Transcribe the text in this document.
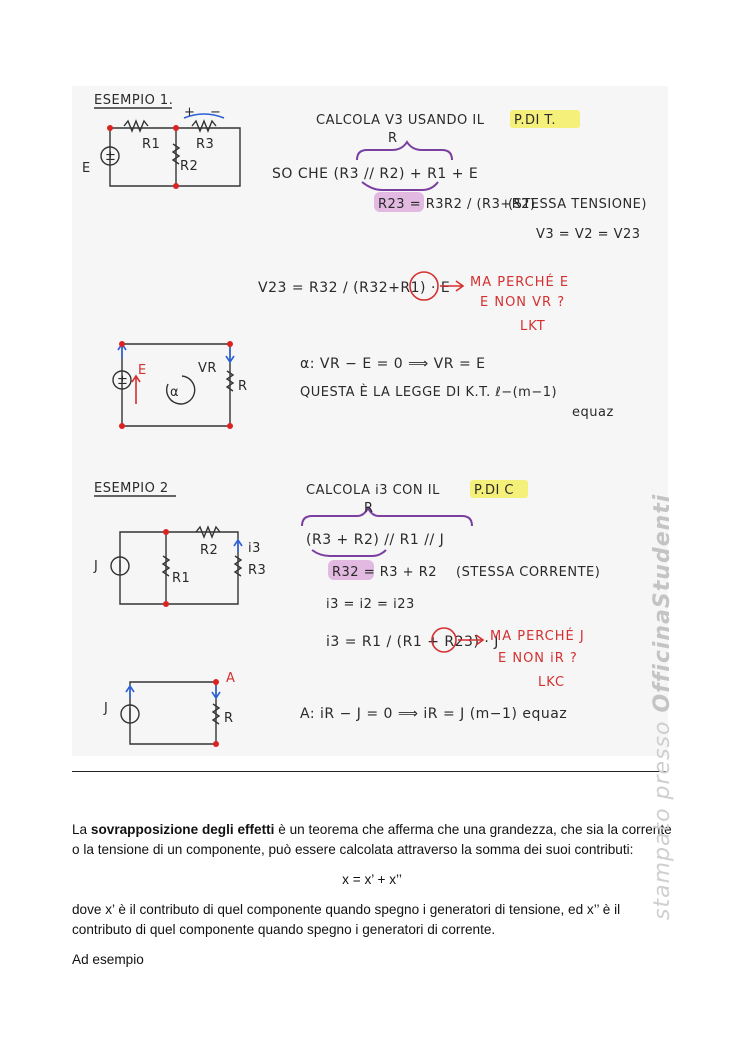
ESEMPIO 1.
±
E
R1	R3
R2
+ −
CALCOLA V3 USANDO IL P.DI T.
R
SO CHE (R3 // R2) + R1 + E
R23 = R3R2 / (R3+R2)
(STESSA TENSIONE)
V3 = V2 = V23
V23 = R32 / (R32+R1) · E MA PERCHÉ E
E NON VR ?
LKT
±
E	VR
R
α
α: VR − E = 0 ⟹ VR = E
QUESTA È LA LEGGE DI K.T. ℓ−(m−1)
equaz
ESEMPIO 2
J
R1
R2 i3
R3
CALCOLA i3 CON IL	P.DI C
R
(R3 + R2) // R1 // J
R32 = R3 + R2 (STESSA CORRENTE)
i3 = i2 = i23
i3 = R1 / (R1 + R23) · J
MA PERCHÉ J
E NON iR ?
LKC
J
A
R	A: iR − J = 0 ⟹ iR = J (m−1) equaz
La sovrapposizione degli effetti è un teorema che afferma che una grandezza, che sia la corrente o la tensione di un componente, può essere calcolata attraverso la somma dei suoi contributi:
x = x’ + x’’
dove x’ è il contributo di quel componente quando spegno i generatori di tensione, ed x’’ è il contributo di quel componente quando spegno i generatori di corrente.
Ad esempio
stampato presso OfficinaStudenti
